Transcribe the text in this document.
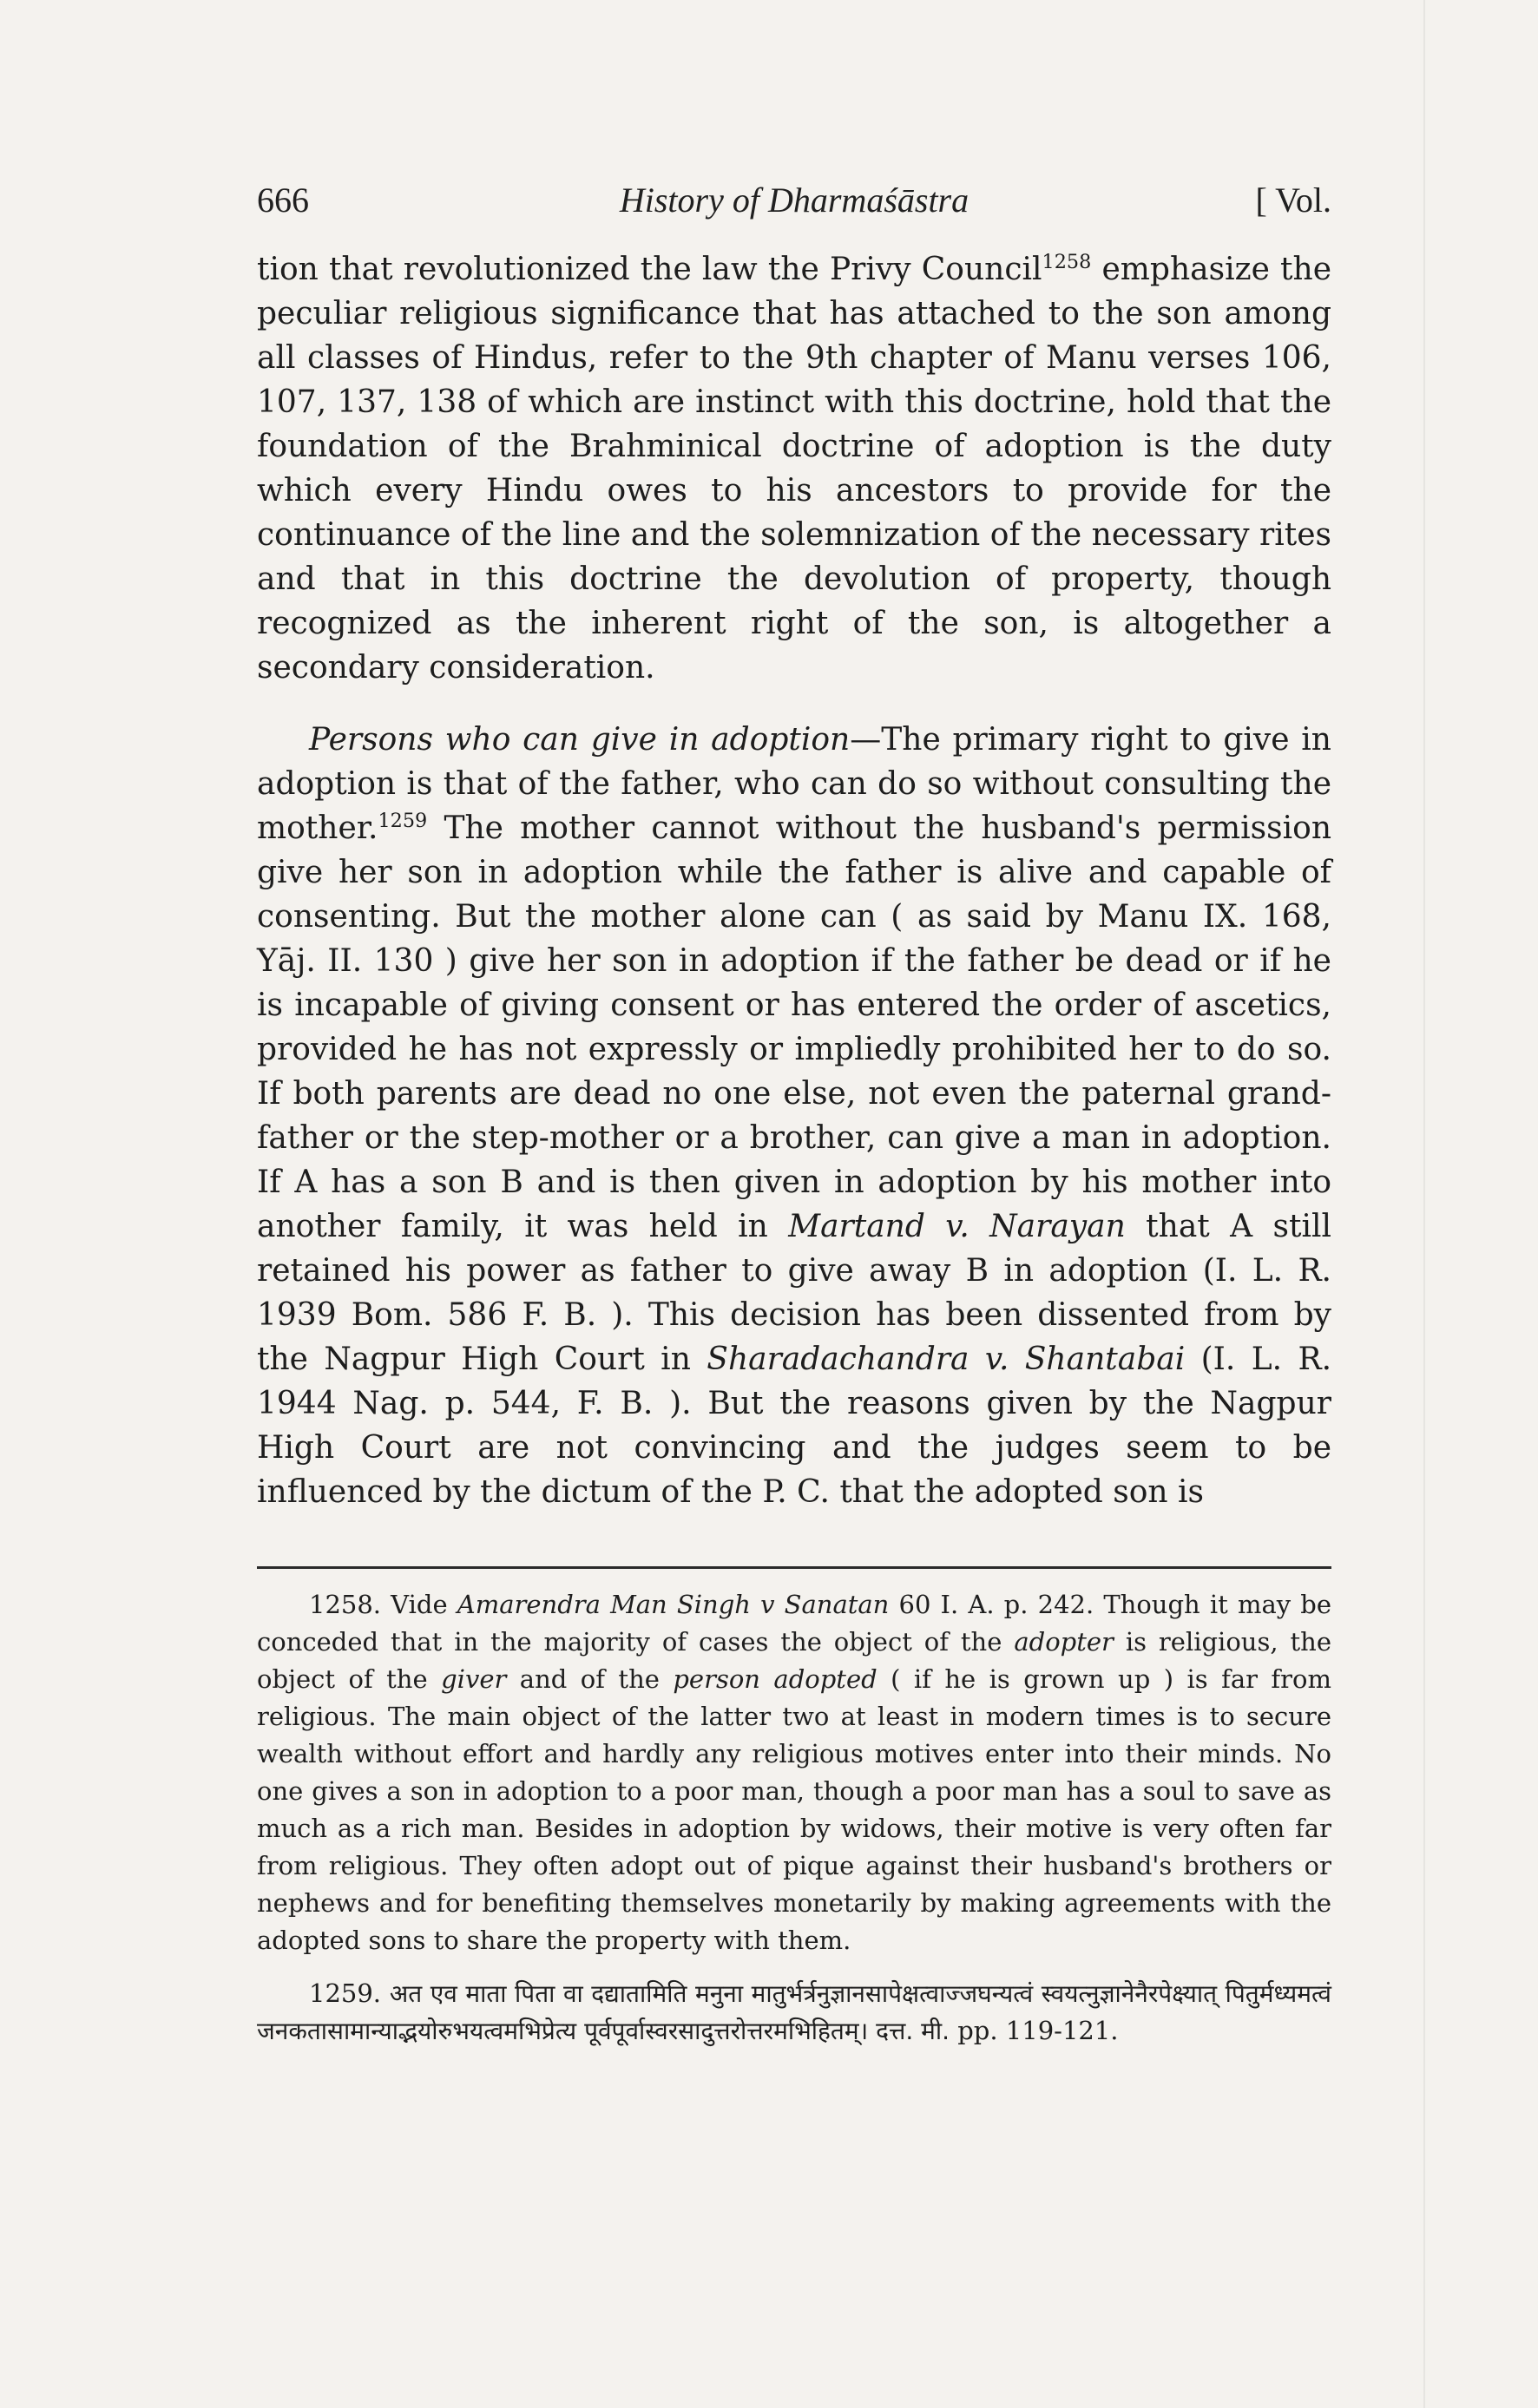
666	History of Dharmaśāstra	[ Vol.

tion that revolutionized the law the Privy Council$^{1258}$ emphasize the peculiar religious significance that has attached to the son among all classes of Hindus, refer to the 9th chapter of Manu verses 106, 107, 137, 138 of which are instinct with this doctrine, hold that the foundation of the Brahminical doctrine of adoption is the duty which every Hindu owes to his ancestors to provide for the continuance of the line and the solemnization of the necessary rites and that in this doctrine the devolution of property, though recognized as the inherent right of the son, is altogether a secondary consideration.

Persons who can give in adoption—The primary right to give in adoption is that of the father, who can do so without consulting the mother.$^{1259}$ The mother cannot without the husband's permission give her son in adoption while the father is alive and capable of consenting. But the mother alone can ( as said by Manu IX. 168, Yāj. II. 130 ) give her son in adoption if the father be dead or if he is incapable of giving consent or has entered the order of ascetics, provided he has not expressly or impliedly prohibited her to do so. If both parents are dead no one else, not even the paternal grand-father or the step-mother or a brother, can give a man in adoption. If A has a son B and is then given in adoption by his mother into another family, it was held in Martand v. Narayan that A still retained his power as father to give away B in adoption (I. L. R. 1939 Bom. 586 F. B. ). This decision has been dissented from by the Nagpur High Court in Sharadachandra v. Shantabai (I. L. R. 1944 Nag. p. 544, F. B. ). But the reasons given by the Nagpur High Court are not convincing and the judges seem to be influenced by the dictum of the P. C. that the adopted son is

1258. Vide Amarendra Man Singh v Sanatan 60 I. A. p. 242. Though it may be conceded that in the majority of cases the object of the adopter is religious, the object of the giver and of the person adopted ( if he is grown up ) is far from religious. The main object of the latter two at least in modern times is to secure wealth without effort and hardly any religious motives enter into their minds. No one gives a son in adoption to a poor man, though a poor man has a soul to save as much as a rich man. Besides in adoption by widows, their motive is very often far from religious. They often adopt out of pique against their husband's brothers or nephews and for benefiting themselves monetarily by making agreements with the adopted sons to share the property with them.

1259. अत एव माता पिता वा दद्यातामिति मनुना मातुर्भर्त्रनुज्ञानसापेक्षत्वाज्जघन्यत्वं स्वयत्नुज्ञानेनैरपेक्ष्यात् पितुर्मध्यमत्वं जनकतासामान्याद्भयोरुभयत्वमभिप्रेत्य पूर्वपूर्वास्वरसादुत्तरोत्तरमभिहितम्। दत्त. मी. pp. 119-121.
